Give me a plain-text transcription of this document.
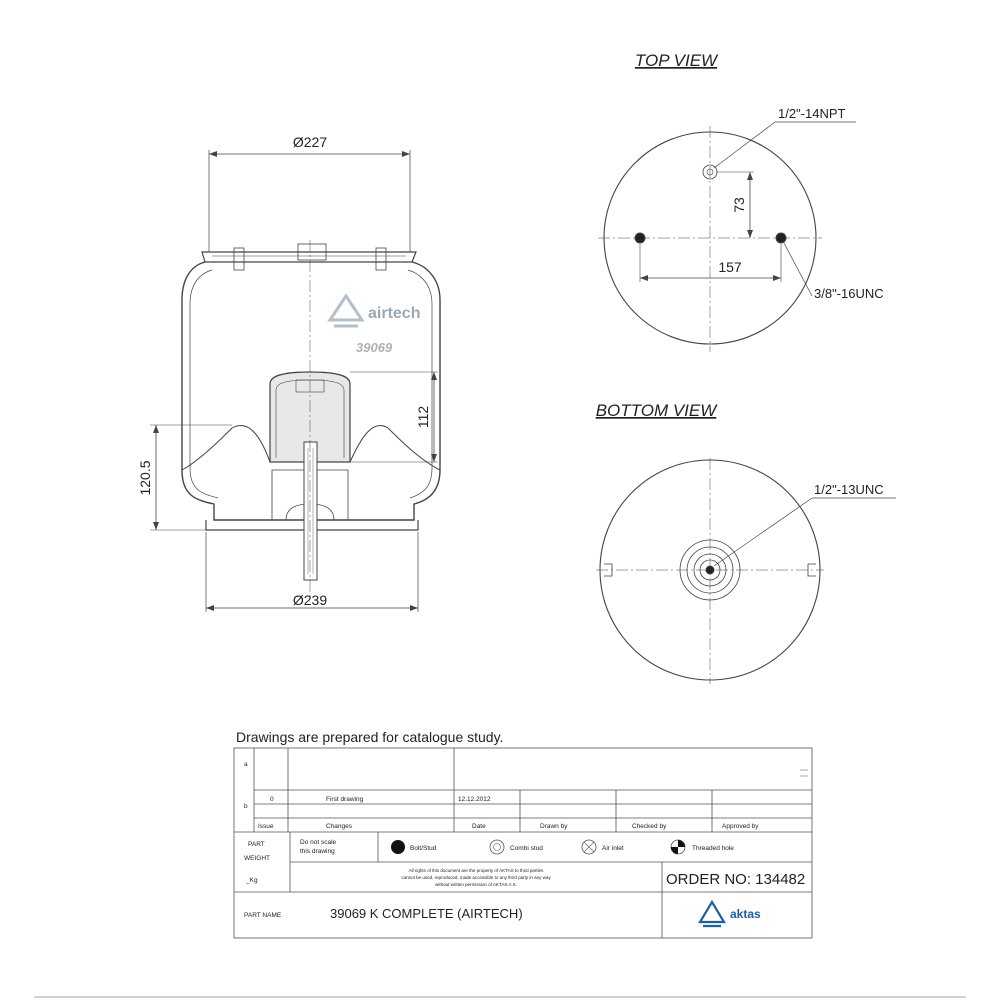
Ø227
Ø239
112
120.5
airtech
39069
TOP VIEW
1/2"-14NPT
73
157
3/8"-16UNC
BOTTOM VIEW
1/2"-13UNC
Drawings are prepared for catalogue study.
a
b
0	First drawing	12.12.2012
Issue	Changes	Date	Drawn by	Checked by	Approved by
PART
WEIGHT
_Kg
Do not scale
this drawing	Bolt/Stud	Combi stud	Air inlet	Threaded hole
All rights of this document are the property of AKTAS to third parties
cannot be used, reproduced, made accessible to any third party in any way
without written permission of AKTAS A.S.	ORDER NO: 134482
PART NAME	39069 K COMPLETE (AIRTECH)	aktas
